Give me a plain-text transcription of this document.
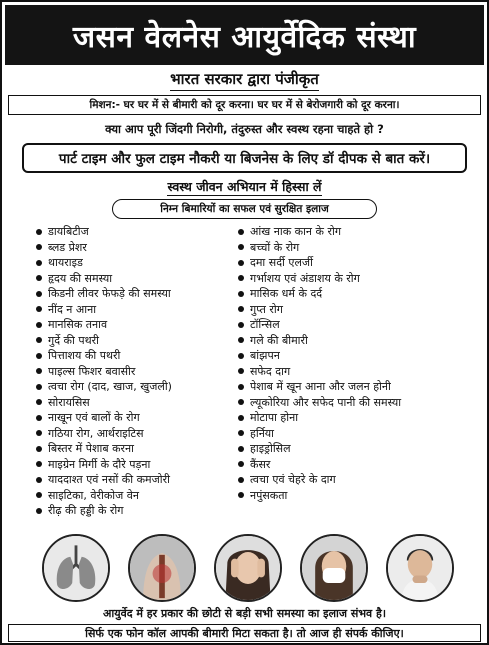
जसन वेलनेस आयुर्वेदिक संस्था
भारत सरकार द्वारा पंजीकृत
मिशन:- घर घर में से बीमारी को दूर करना। घर घर में से बेरोजगारी को दूर करना।
क्या आप पूरी जिंदगी निरोगी, तंदुरुस्त और स्वस्थ रहना चाहते हो ?
पार्ट टाइम और फुल टाइम नौकरी या बिजनेस के लिए डॉ दीपक से बात करें।
स्वस्थ जीवन अभियान में हिस्सा लें
निम्न बिमारियों का सफल एवं सुरक्षित इलाज
डायबिटीज
ब्लड प्रेशर
थायराइड
हृदय की समस्या
किडनी लीवर फेफड़े की समस्या
नींद न आना
मानसिक तनाव
गुर्दे की पथरी
पित्ताशय की पथरी
पाइल्स फिशर बवासीर
त्वचा रोग (दाद, खाज, खुजली)
सोरायसिस
नाखून एवं बालों के रोग
गठिया रोग, आर्थराइटिस
बिस्तर में पेशाब करना
माइग्रेन मिर्गी के दौरे पड़ना
याददाश्त एवं नसों की कमजोरी
साइटिका, वेरीकोज वेन
रीढ़ की हड्डी के रोग
आंख नाक कान के रोग
बच्चों के रोग
दमा सर्दी एलर्जी
गर्भाशय एवं अंडाशय के रोग
मासिक धर्म के दर्द
गुप्त रोग
टॉन्सिल
गले की बीमारी
बांझपन
सफेद दाग
पेशाब में खून आना और जलन होनी
ल्यूकोरिया और सफेद पानी की समस्या
मोटापा होना
हर्निया
हाइड्रोसिल
कैंसर
त्वचा एवं चेहरे के दाग
नपुंसकता
आयुर्वेद में हर प्रकार की छोटी से बड़ी सभी समस्या का इलाज संभव है।
सिर्फ एक फोन कॉल आपकी बीमारी मिटा सकता है। तो आज ही संपर्क कीजिए।
